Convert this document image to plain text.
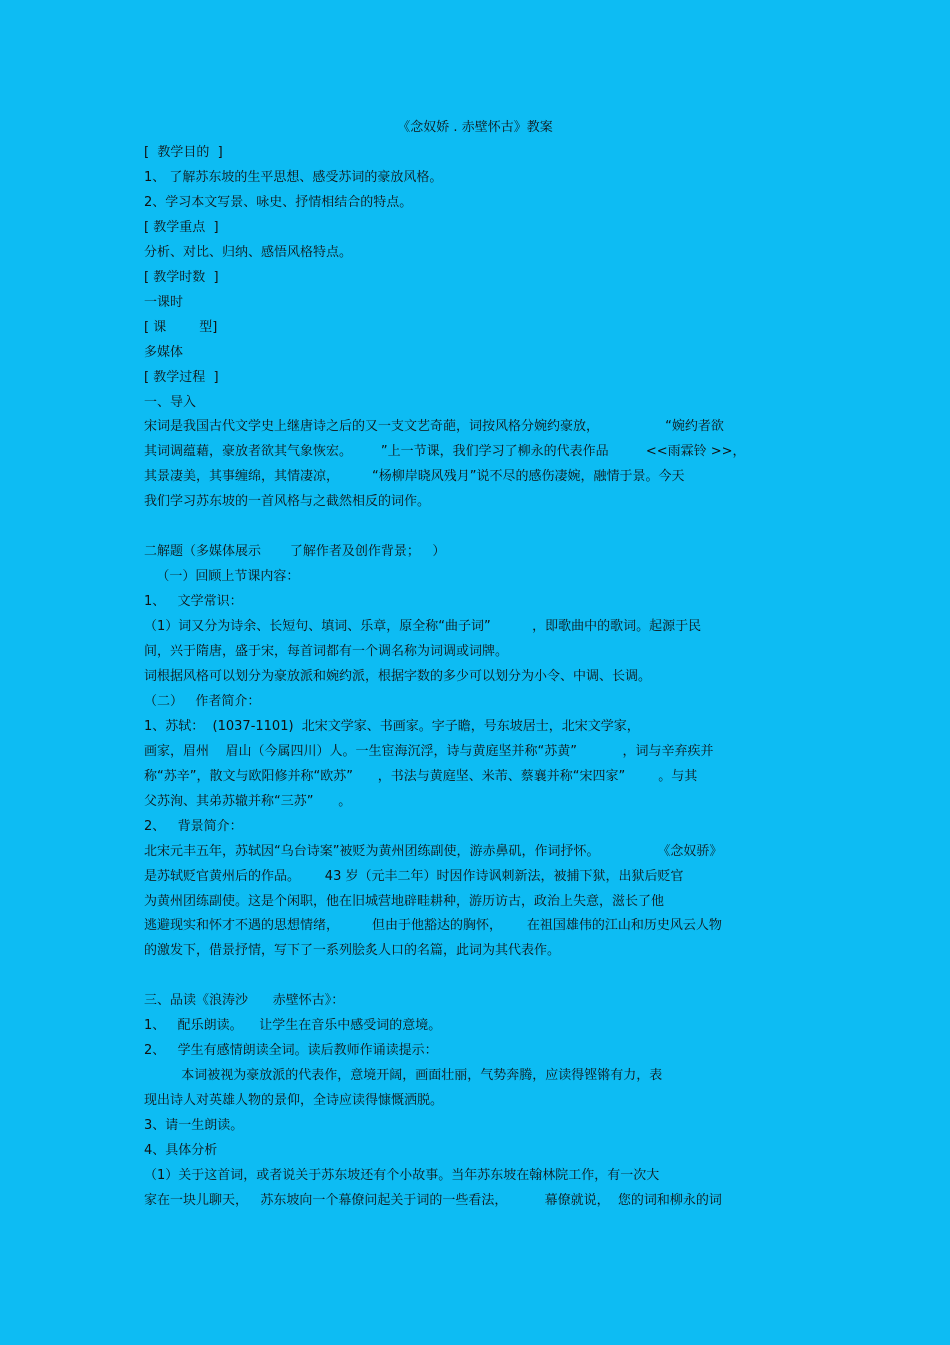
《念奴娇 . 赤壁怀古》教案
[  教学目的  ]
1、 了解苏东坡的生平思想、感受苏词的豪放风格。
2、学习本文写景、咏史、抒情相结合的特点。
[ 教学重点  ]
分析、对比、归纳、感悟风格特点。
[ 教学时数  ]
一课时
[ 课        型]
多媒体
[ 教学过程  ]
一、导入
宋词是我国古代文学史上继唐诗之后的又一支文艺奇葩，词按风格分婉约豪放，                “婉约者欲
其词调蕴藉，豪放者欲其气象恢宏。       ”上一节课，我们学习了柳永的代表作品         <<雨霖铃 >>，
其景凄美，其事缠绵，其情凄凉，        “杨柳岸晓风残月”说不尽的感伤凄婉，融情于景。今天
我们学习苏东坡的一首风格与之截然相反的词作。
二解题（多媒体展示       了解作者及创作背景；   ）
（一）回顾上节课内容：
1、   文学常识：
（1）词又分为诗余、长短句、填词、乐章，原全称“曲子词”          ，即歌曲中的歌词。起源于民
间，兴于隋唐，盛于宋，每首词都有一个调名称为词调或词牌。
词根据风格可以划分为豪放派和婉约派，根据字数的多少可以划分为小令、中调、长调。
（二）   作者简介：
1、苏轼：  (1037-1101)  北宋文学家、书画家。字子瞻，号东坡居士，北宋文学家，
画家，眉州    眉山（今属四川）人。一生宦海沉浮，诗与黄庭坚并称“苏黄”           ，词与辛弃疾并
称“苏辛”，散文与欧阳修并称“欧苏”      ，书法与黄庭坚、米芾、蔡襄并称“宋四家”        。与其
父苏洵、其弟苏辙并称“三苏”      。
2、   背景简介：
北宋元丰五年，苏轼因“乌台诗案”被贬为黄州团练副使，游赤鼻矶，作词抒怀。              《念奴骄》
是苏轼贬官黄州后的作品。      43 岁（元丰二年）时因作诗讽刺新法，被捕下狱，出狱后贬官
为黄州团练副使。这是个闲职，他在旧城营地辟畦耕种，游历访古，政治上失意，滋长了他
逃避现实和怀才不遇的思想情绪，        但由于他豁达的胸怀，      在祖国雄伟的江山和历史风云人物
的激发下，借景抒情，写下了一系列脍炙人口的名篇，此词为其代表作。
三、品读《浪涛沙      赤壁怀古》：
1、   配乐朗读。    让学生在音乐中感受词的意境。
2、   学生有感情朗读全词。读后教师作诵读提示：
本词被视为豪放派的代表作，意境开阔，画面壮丽，气势奔腾，应读得铿锵有力，表
现出诗人对英雄人物的景仰，全诗应读得慷慨洒脱。
3、请一生朗读。
4、具体分析
（1）关于这首词，或者说关于苏东坡还有个小故事。当年苏东坡在翰林院工作，有一次大
家在一块儿聊天，   苏东坡向一个幕僚问起关于词的一些看法，         幕僚就说，  您的词和柳永的词
